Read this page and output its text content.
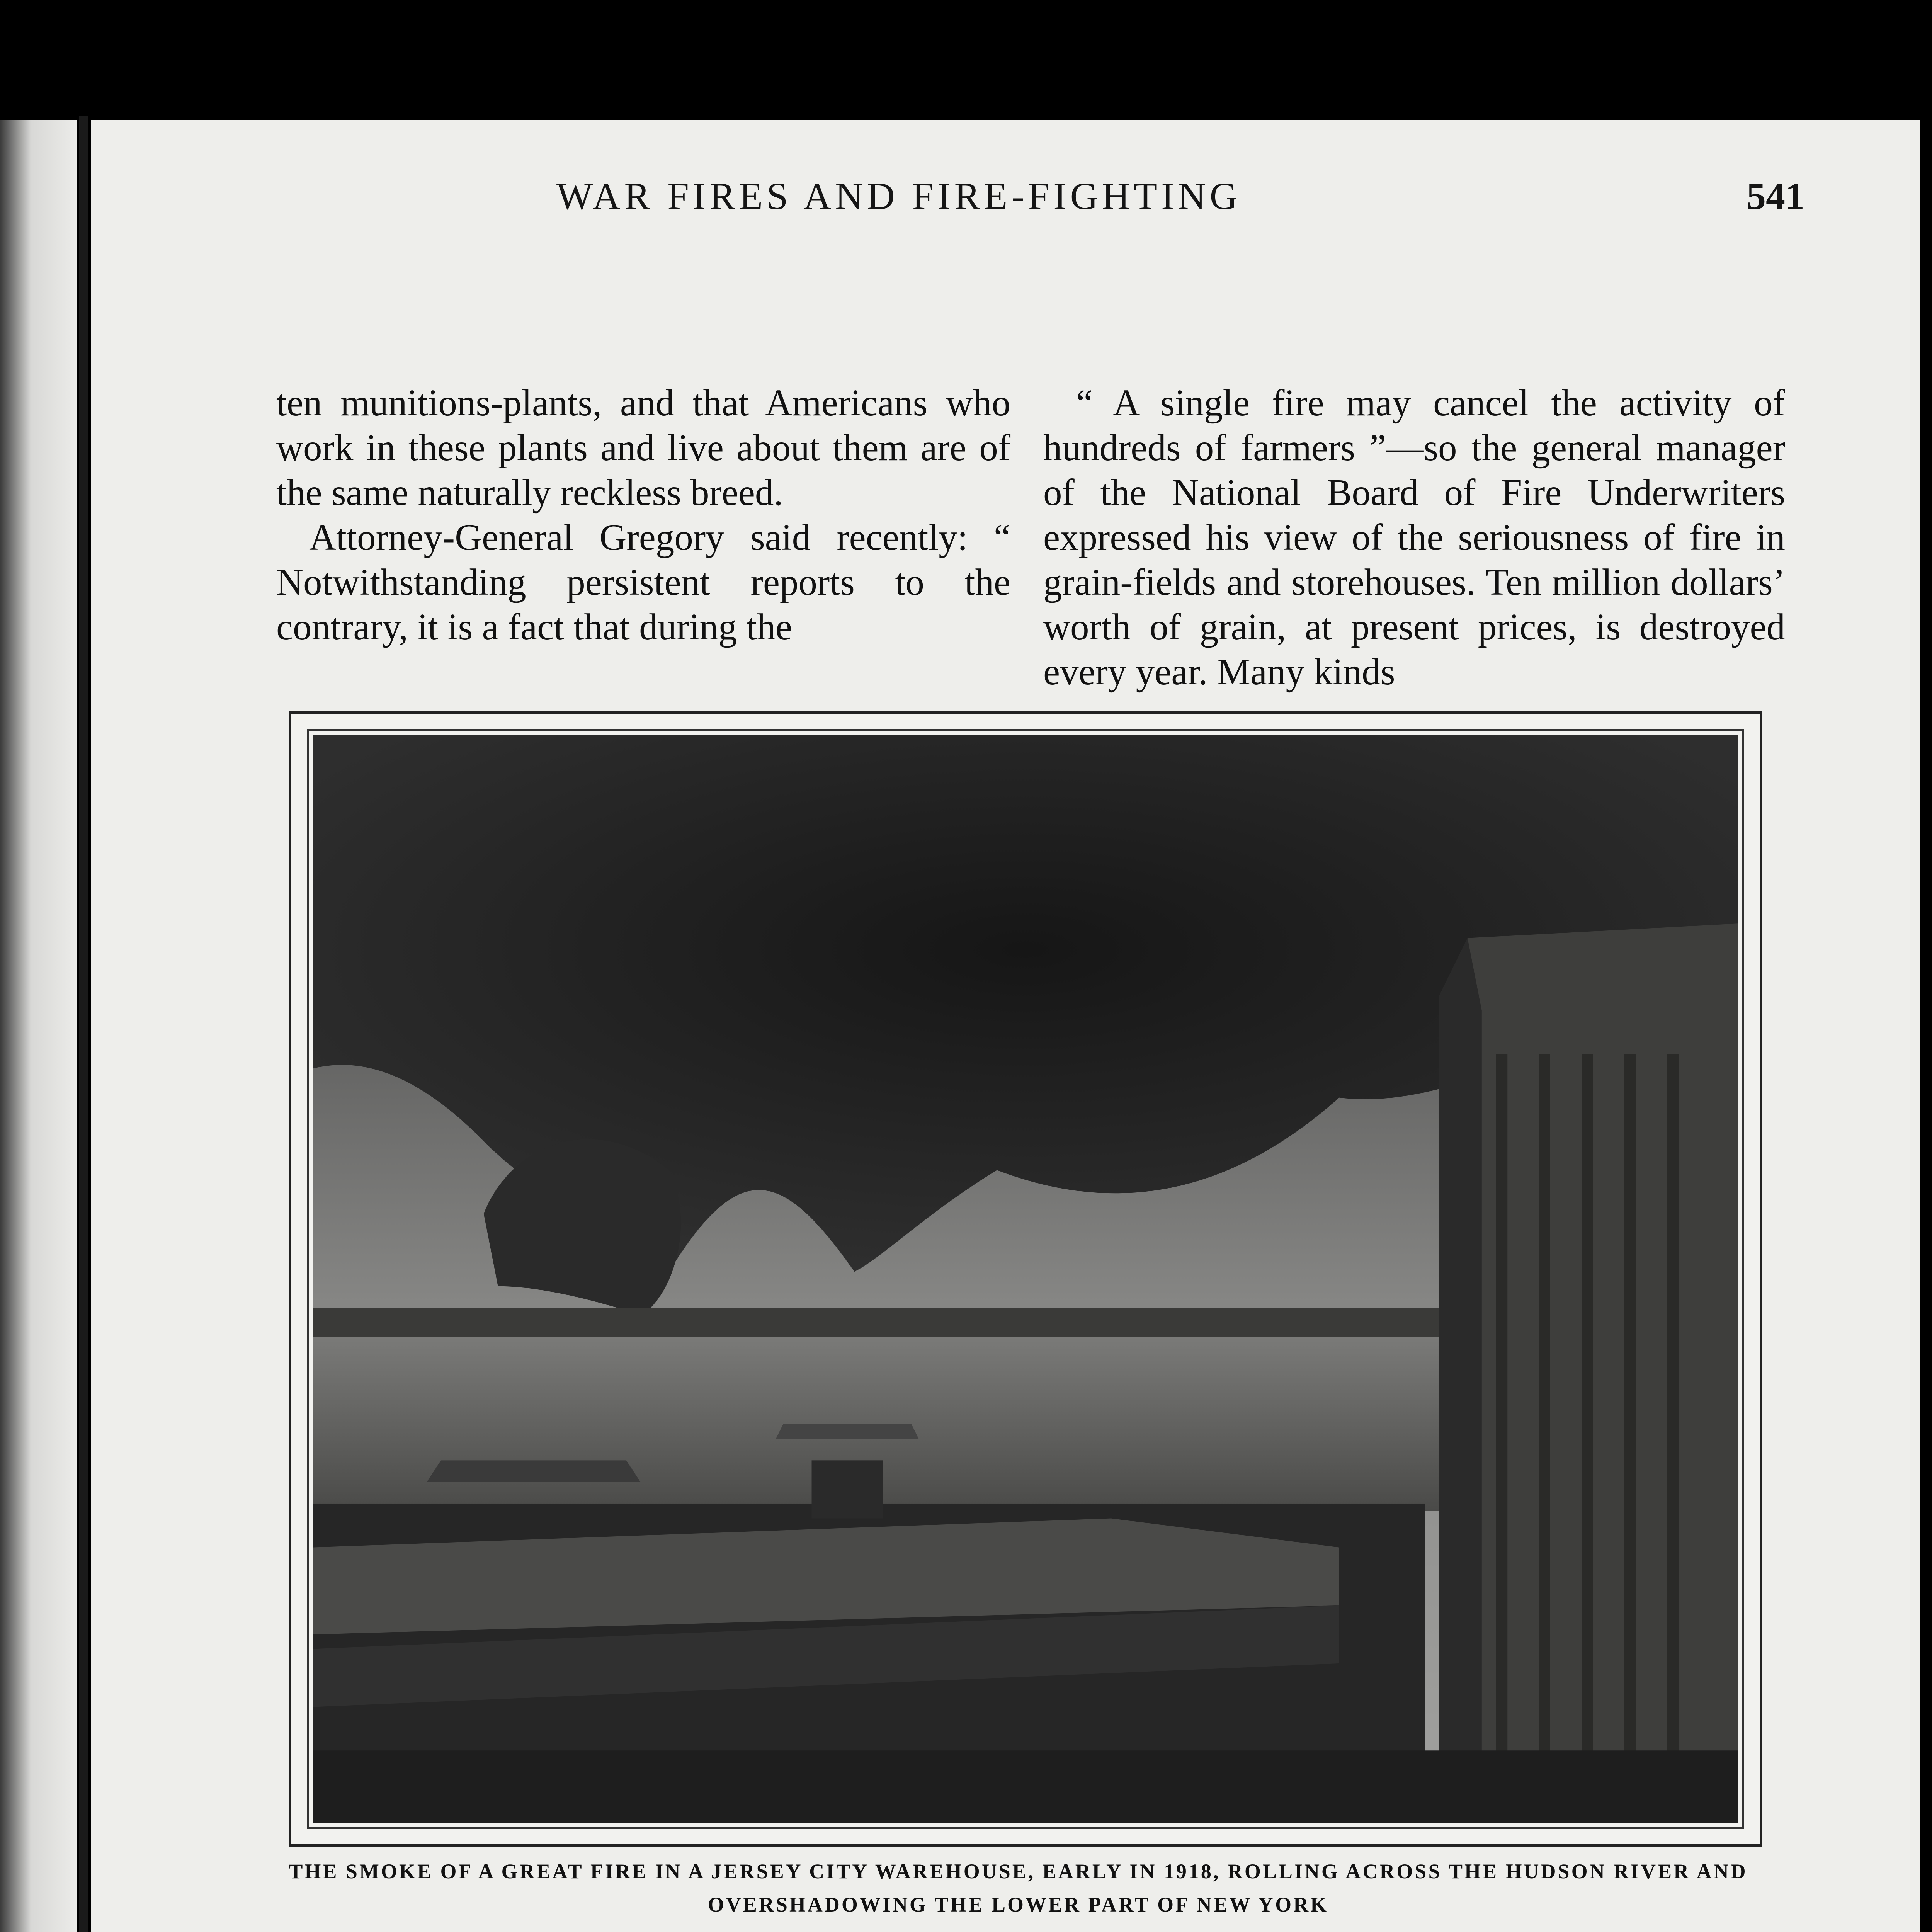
WAR FIRES AND FIRE-FIGHTING	541

ten munitions-plants, and that Americans who work in these plants and live about them are of the same naturally reckless breed.

Attorney-General Gregory said recently: “ Notwithstanding persistent reports to the contrary, it is a fact that during the

“ A single fire may cancel the activity of hundreds of farmers ”—so the general manager of the National Board of Fire Underwriters expressed his view of the seriousness of fire in grain-fields and storehouses. Ten million dollars’ worth of grain, at present prices, is destroyed every year. Many kinds

THE SMOKE OF A GREAT FIRE IN A JERSEY CITY WAREHOUSE, EARLY IN 1918, ROLLING ACROSS THE HUDSON RIVER AND OVERSHADOWING THE LOWER PART OF NEW YORK
